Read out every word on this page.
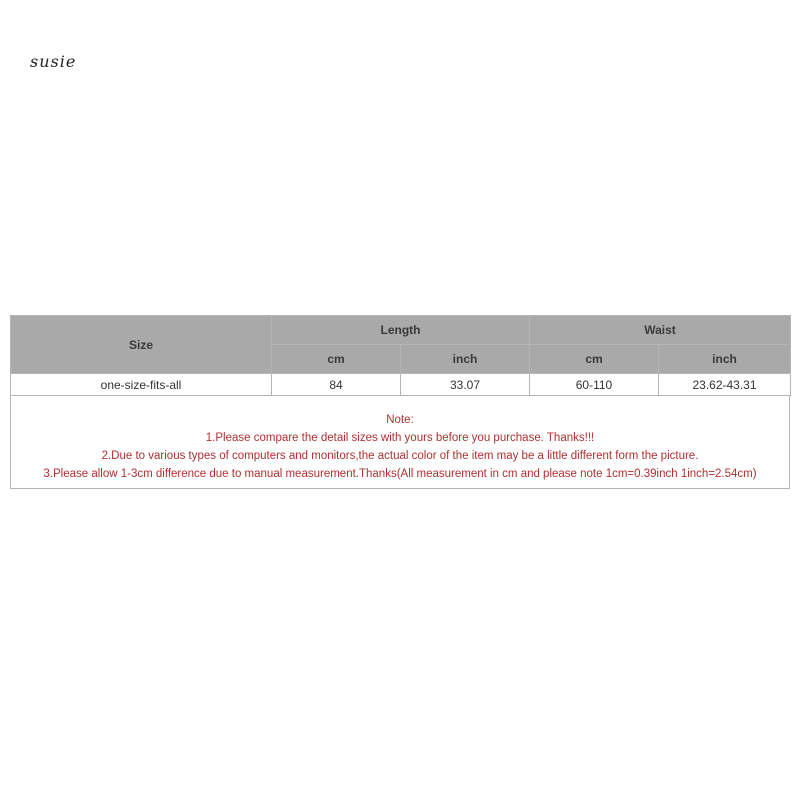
susie
Size	Length		Waist	
	cm	inch	cm	inch
one-size-fits-all	84	33.07	60-110	23.62-43.31
Note:
1.Please compare the detail sizes with yours before you purchase. Thanks!!!
2.Due to various types of computers and monitors,the actual color of the item may be a little different form the picture.
3.Please allow 1-3cm difference due to manual measurement.Thanks(All measurement in cm and please note 1cm=0.39inch 1inch=2.54cm)
